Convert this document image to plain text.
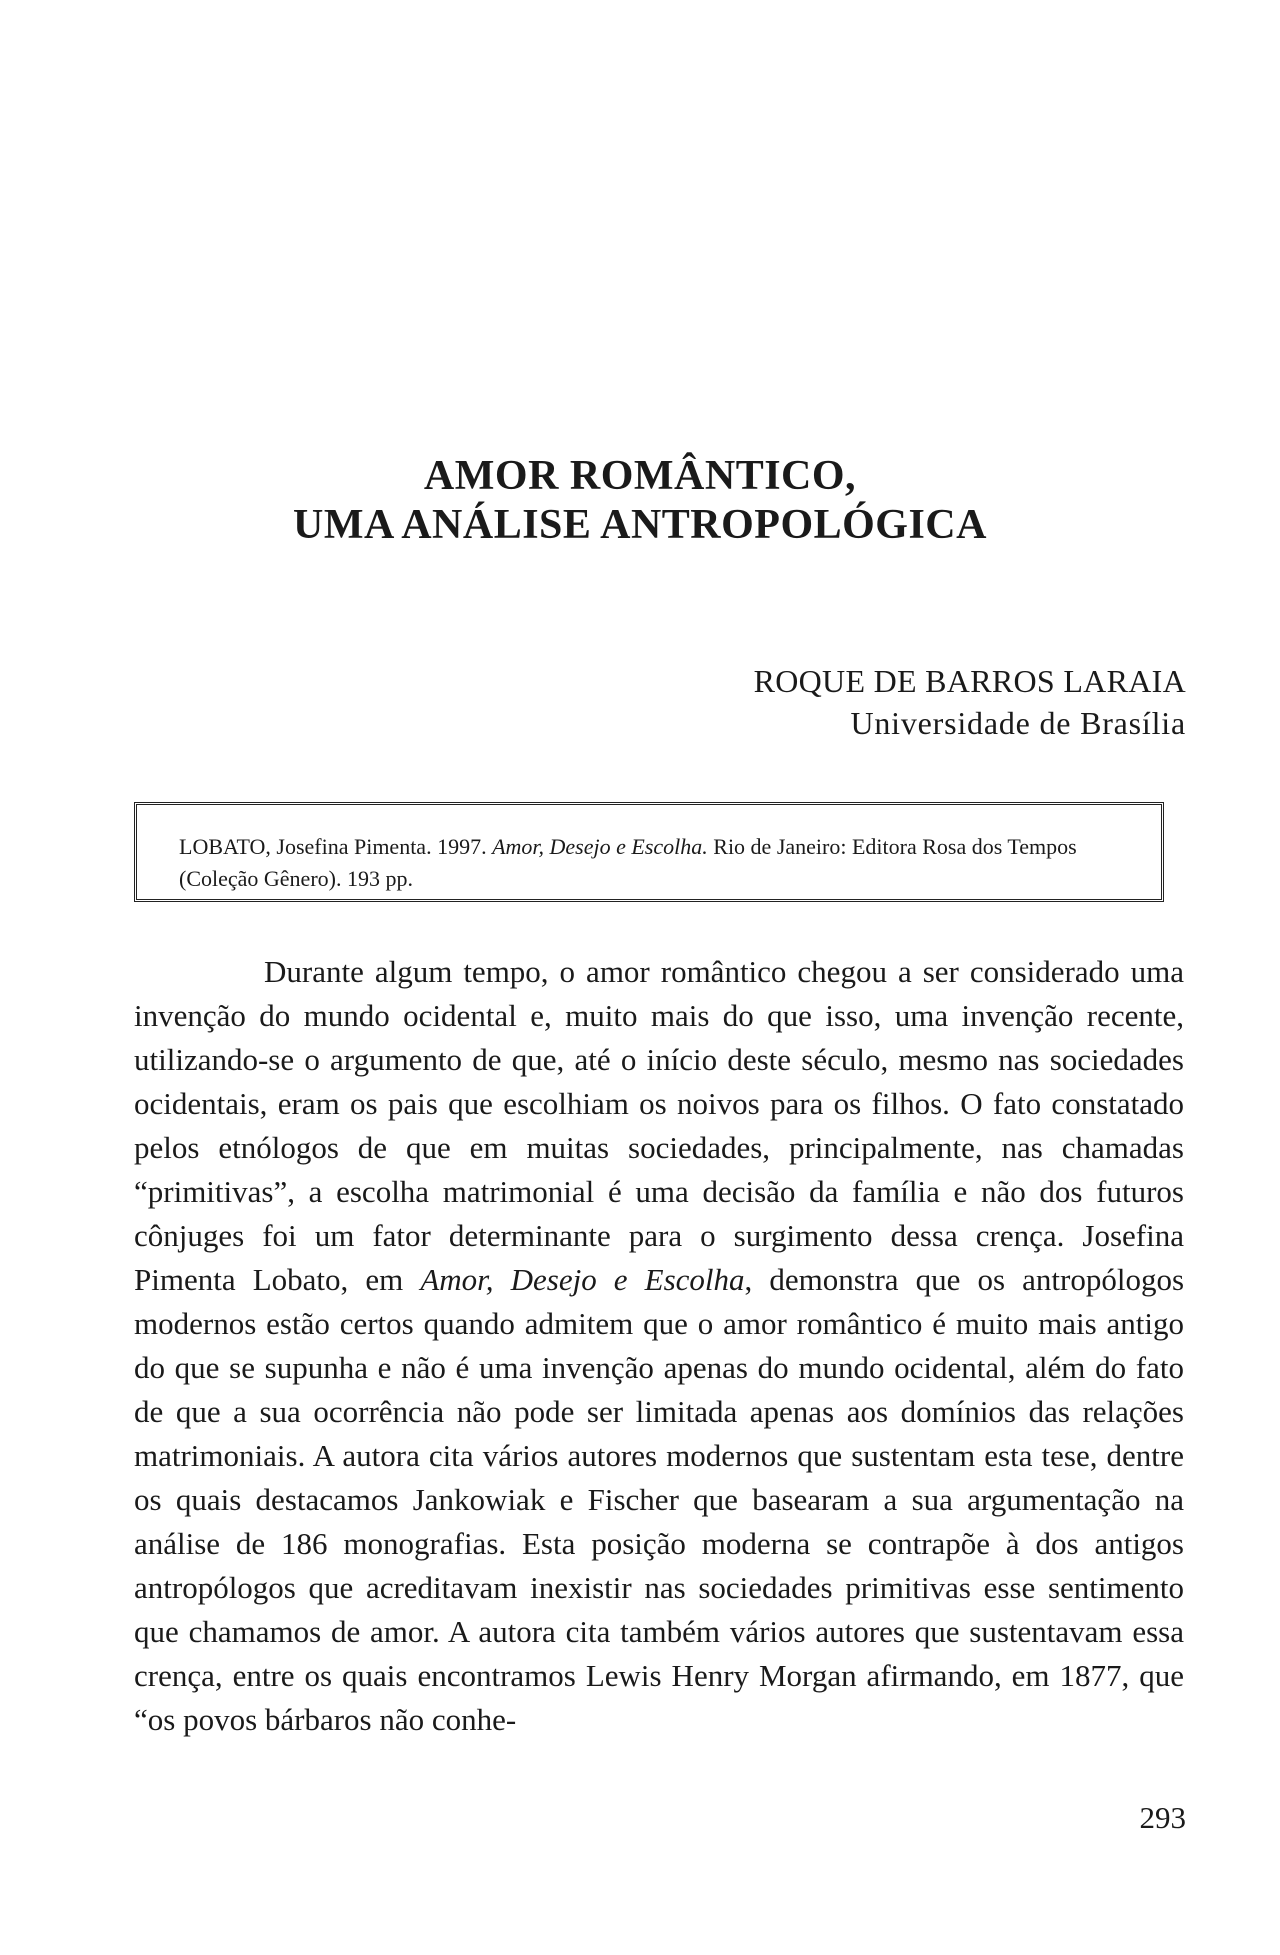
AMOR ROMÂNTICO,
UMA ANÁLISE ANTROPOLÓGICA
ROQUE DE BARROS LARAIA
Universidade de Brasília
LOBATO, Josefina Pimenta. 1997. Amor, Desejo e Escolha. Rio de Janeiro: Editora Rosa dos Tempos (Coleção Gênero). 193 pp.

Durante algum tempo, o amor romântico chegou a ser considerado uma invenção do mundo ocidental e, muito mais do que isso, uma invenção recente, utilizando-se o argumento de que, até o início deste século, mesmo nas sociedades ocidentais, eram os pais que escolhiam os noivos para os filhos. O fato constatado pelos etnólogos de que em muitas sociedades, principalmente, nas chamadas “primitivas”, a escolha matrimonial é uma decisão da família e não dos futuros cônjuges foi um fator determinante para o surgimento dessa crença. Josefina Pimenta Lobato, em Amor, Desejo e Escolha, demonstra que os antropólogos modernos estão certos quando admitem que o amor romântico é muito mais antigo do que se supunha e não é uma invenção apenas do mundo ocidental, além do fato de que a sua ocorrência não pode ser limitada apenas aos domínios das relações matrimoniais. A autora cita vários autores modernos que sustentam esta tese, dentre os quais destacamos Jankowiak e Fischer que basearam a sua argumentação na análise de 186 monografias. Esta posição moderna se contrapõe à dos antigos antropólogos que acreditavam inexistir nas sociedades primitivas esse sentimento que chamamos de amor. A autora cita também vários autores que sustentavam essa crença, entre os quais encontramos Lewis Henry Morgan afirmando, em 1877, que “os povos bárbaros não conhe-

293
